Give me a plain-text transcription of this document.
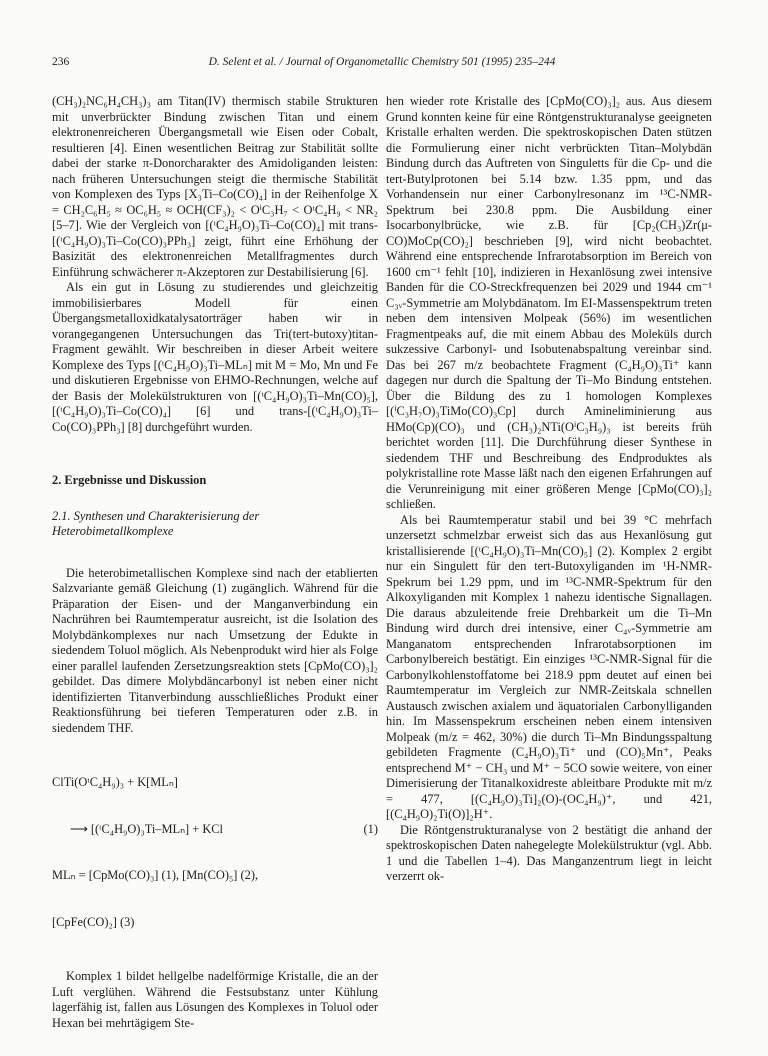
236	D. Selent et al. / Journal of Organometallic Chemistry 501 (1995) 235–244

(CH₃)₂NC₆H₄CH₃)₃ am Titan(IV) thermisch stabile Strukturen mit unverbrückter Bindung zwischen Titan und einem elektronenreicheren Übergangsmetall wie Eisen oder Cobalt, resultieren [4]. Einen wesentlichen Beitrag zur Stabilität sollte dabei der starke π-Donorcharakter des Amidoliganden leisten: nach früheren Untersuchungen steigt die thermische Stabilität von Komplexen des Typs [X₃Ti–Co(CO)₄] in der Reihenfolge X = CH₂C₆H₅ ≈ OC₆H₅ ≈ OCH(CF₃)₂ < OⁱC₃H₇ < OᵗC₄H₉ < NR₂ [5–7]. Wie der Vergleich von [(ᵗC₄H₉O)₃Ti–Co(CO)₄] mit trans-[(ᵗC₄H₉O)₃Ti–Co(CO)₃PPh₃] zeigt, führt eine Erhöhung der Basizität des elektronenreichen Metallfragmentes durch Einführung schwächerer π-Akzeptoren zur Destabilisierung [6].

Als ein gut in Lösung zu studierendes und gleichzeitig immobilisierbares Modell für einen Übergangsmetalloxidkatalysatorträger haben wir in vorangegangenen Untersuchungen das Tri(tert-butoxy)titan-Fragment gewählt. Wir beschreiben in dieser Arbeit weitere Komplexe des Typs [(ᵗC₄H₉O)₃Ti–MLₙ] mit M = Mo, Mn und Fe und diskutieren Ergebnisse von EHMO-Rechnungen, welche auf der Basis der Molekülstrukturen von [(ᵗC₄H₉O)₃Ti–Mn(CO)₅], [(ᵗC₄H₉O)₃Ti–Co(CO)₄] [6] und trans-[(ᵗC₄H₉O)₃Ti–Co(CO)₃PPh₃] [8] durchgeführt wurden.

2. Ergebnisse und Diskussion
2.1. Synthesen und Charakterisierung der Heterobimetallkomplexe

Die heterobimetallischen Komplexe sind nach der etablierten Salzvariante gemäß Gleichung (1) zugänglich. Während für die Präparation der Eisen- und der Manganverbindung ein Nachrühren bei Raumtemperatur ausreicht, ist die Isolation des Molybdänkomplexes nur nach Umsetzung der Edukte in siedendem Toluol möglich. Als Nebenprodukt wird hier als Folge einer parallel laufenden Zersetzungsreaktion stets [CpMo(CO)₃]₂ gebildet. Das dimere Molybdäncarbonyl ist neben einer nicht identifizierten Titanverbindung ausschließliches Produkt einer Reaktionsführung bei tieferen Temperaturen oder z.B. in siedendem THF.

ClTi(OᵗC₄H₉)₃ + K[MLₙ]

⟶ [(ᵗC₄H₉O)₃Ti–MLₙ] + KCl	(1)

MLₙ = [CpMo(CO)₃] (1), [Mn(CO)₅] (2),

[CpFe(CO)₂] (3)

Komplex 1 bildet hellgelbe nadelförmige Kristalle, die an der Luft verglühen. Während die Festsubstanz unter Kühlung lagerfähig ist, fallen aus Lösungen des Komplexes in Toluol oder Hexan bei mehrtägigem Ste-

hen wieder rote Kristalle des [CpMo(CO)₃]₂ aus. Aus diesem Grund konnten keine für eine Röntgenstrukturanalyse geeigneten Kristalle erhalten werden. Die spektroskopischen Daten stützen die Formulierung einer nicht verbrückten Titan–Molybdän Bindung durch das Auftreten von Singuletts für die Cp- und die tert-Butylprotonen bei 5.14 bzw. 1.35 ppm, und das Vorhandensein nur einer Carbonylresonanz im ¹³C-NMR-Spektrum bei 230.8 ppm. Die Ausbildung einer Isocarbonylbrücke, wie z.B. für [Cp₂(CH₃)Zr(μ-CO)MoCp(CO)₂] beschrieben [9], wird nicht beobachtet. Während eine entsprechende Infrarotabsorption im Bereich von 1600 cm⁻¹ fehlt [10], indizieren in Hexanlösung zwei intensive Banden für die CO-Streckfrequenzen bei 2029 und 1944 cm⁻¹ C₃ᵥ-Symmetrie am Molybdänatom. Im EI-Massenspektrum treten neben dem intensiven Molpeak (56%) im wesentlichen Fragmentpeaks auf, die mit einem Abbau des Moleküls durch sukzessive Carbonyl- und Isobutenabspaltung vereinbar sind. Das bei 267 m/z beobachtete Fragment (C₄H₉O)₃Ti⁺ kann dagegen nur durch die Spaltung der Ti–Mo Bindung entstehen. Über die Bildung des zu 1 homologen Komplexes [(ⁱC₃H₇O)₃TiMo(CO)₃Cp] durch Amineliminierung aus HMo(Cp)(CO)₃ und (CH₃)₂NTi(OⁱC₃H₉)₃ ist bereits früh berichtet worden [11]. Die Durchführung dieser Synthese in siedendem THF und Beschreibung des Endproduktes als polykristalline rote Masse läßt nach den eigenen Erfahrungen auf die Verunreinigung mit einer größeren Menge [CpMo(CO)₃]₂ schließen.

Als bei Raumtemperatur stabil und bei 39 °C mehrfach unzersetzt schmelzbar erweist sich das aus Hexanlösung gut kristallisierende [(ᵗC₄H₉O)₃Ti–Mn(CO)₅] (2). Komplex 2 ergibt nur ein Singulett für den tert-Butoxyliganden im ¹H-NMR-Spekrum bei 1.29 ppm, und im ¹³C-NMR-Spektrum für den Alkoxyliganden mit Komplex 1 nahezu identische Signallagen. Die daraus abzuleitende freie Drehbarkeit um die Ti–Mn Bindung wird durch drei intensive, einer C₄ᵥ-Symmetrie am Manganatom entsprechenden Infrarotabsorptionen im Carbonylbereich bestätigt. Ein einziges ¹³C-NMR-Signal für die Carbonylkohlenstoffatome bei 218.9 ppm deutet auf einen bei Raumtemperatur im Vergleich zur NMR-Zeitskala schnellen Austausch zwischen axialem und äquatorialen Carbonylliganden hin. Im Massenspekrum erscheinen neben einem intensiven Molpeak (m/z = 462, 30%) die durch Ti–Mn Bindungsspaltung gebildeten Fragmente (C₄H₉O)₃Ti⁺ und (CO)₅Mn⁺, Peaks entsprechend M⁺ − CH₃ und M⁺ − 5CO sowie weitere, von einer Dimerisierung der Titanalkoxidreste ableitbare Produkte mit m/z = 477, [(C₄H₉O)₃Ti]₂(O)-(OC₄H₉)⁺, und 421, [(C₄H₉O)₂Ti(O)]₂H⁺.

Die Röntgenstrukturanalyse von 2 bestätigt die anhand der spektroskopischen Daten nahegelegte Molekülstruktur (vgl. Abb. 1 und die Tabellen 1–4). Das Manganzentrum liegt in leicht verzerrt ok-
